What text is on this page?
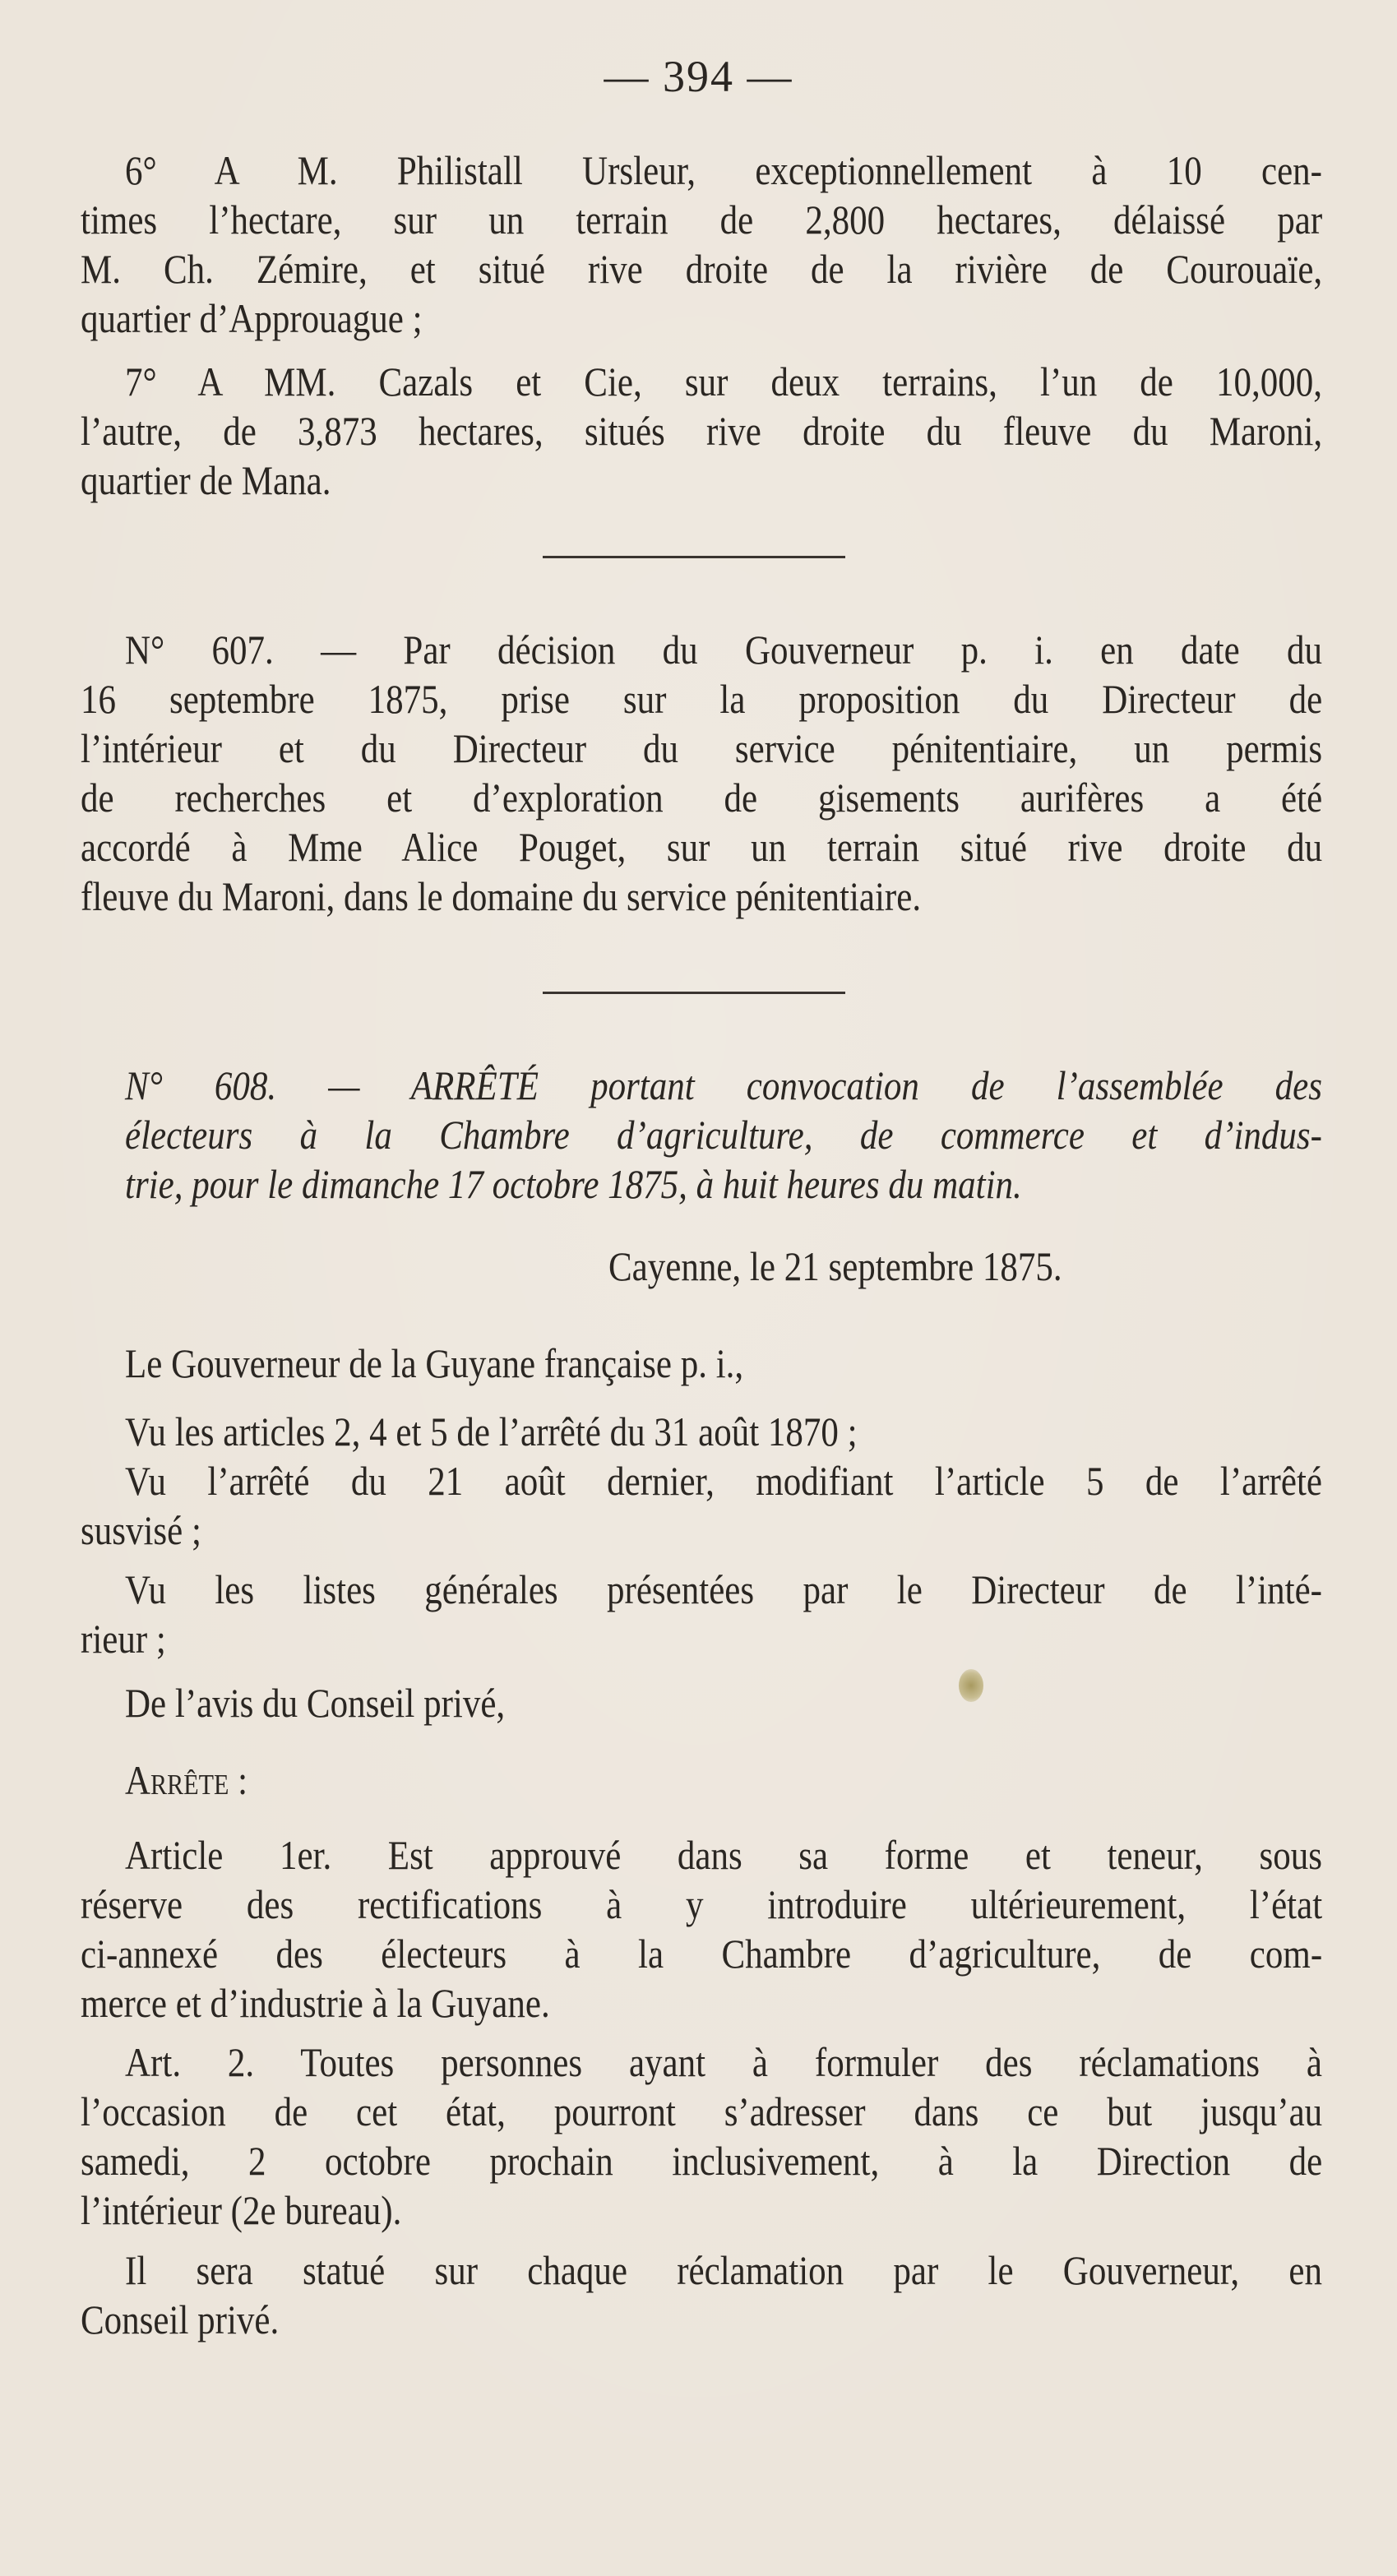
— 394 —
6° A M. Philistall Ursleur, exceptionnellement à 10 cen-
times l’hectare, sur un terrain de 2,800 hectares, délaissé par
M. Ch. Zémire, et situé rive droite de la rivière de Courouaïe,
quartier d’Approuague ;
7° A MM. Cazals et Cie, sur deux terrains, l’un de 10,000,
l’autre, de 3,873 hectares, situés rive droite du fleuve du Maroni,
quartier de Mana.
N° 607. — Par décision du Gouverneur p. i. en date du
16 septembre 1875, prise sur la proposition du Directeur de
l’intérieur et du Directeur du service pénitentiaire, un permis
de recherches et d’exploration de gisements aurifères a été
accordé à Mme Alice Pouget, sur un terrain situé rive droite du
fleuve du Maroni, dans le domaine du service pénitentiaire.
N° 608. — ARRÊTÉ portant convocation de l’assemblée des
électeurs à la Chambre d’agriculture, de commerce et d’indus-
trie, pour le dimanche 17 octobre 1875, à huit heures du matin.
Cayenne, le 21 septembre 1875.
Le Gouverneur de la Guyane française p. i.,
Vu les articles 2, 4 et 5 de l’arrêté du 31 août 1870 ;
Vu l’arrêté du 21 août dernier, modifiant l’article 5 de l’arrêté
susvisé ;
Vu les listes générales présentées par le Directeur de l’inté-
rieur ;
De l’avis du Conseil privé,
Arrête :
Article 1er. Est approuvé dans sa forme et teneur, sous
réserve des rectifications à y introduire ultérieurement, l’état
ci-annexé des électeurs à la Chambre d’agriculture, de com-
merce et d’industrie à la Guyane.
Art. 2. Toutes personnes ayant à formuler des réclamations à
l’occasion de cet état, pourront s’adresser dans ce but jusqu’au
samedi, 2 octobre prochain inclusivement, à la Direction de
l’intérieur (2e bureau).
Il sera statué sur chaque réclamation par le Gouverneur, en
Conseil privé.
